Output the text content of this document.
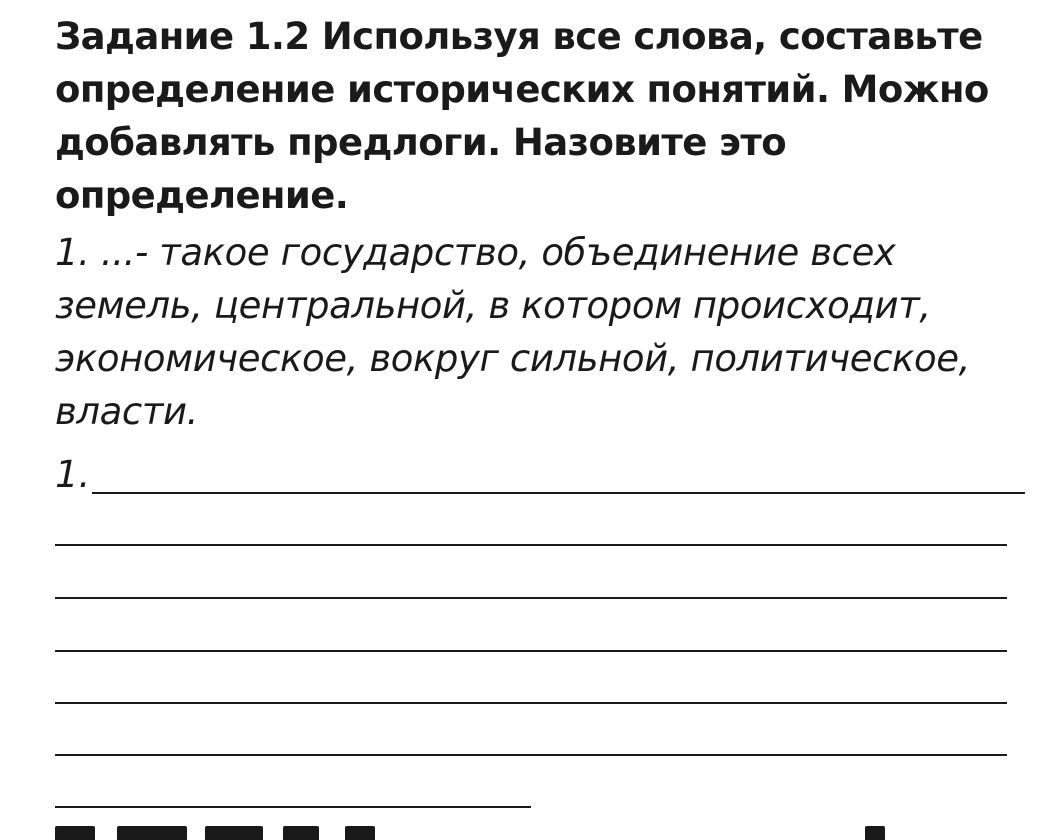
Задание 1.2 Используя все слова, составьте определение исторических понятий. Можно добавлять предлоги. Назовите это определение.

1. ...- такое государство, объединение всех земель, центральной, в котором происходит, экономическое, вокруг сильной, политическое, власти.

1.
